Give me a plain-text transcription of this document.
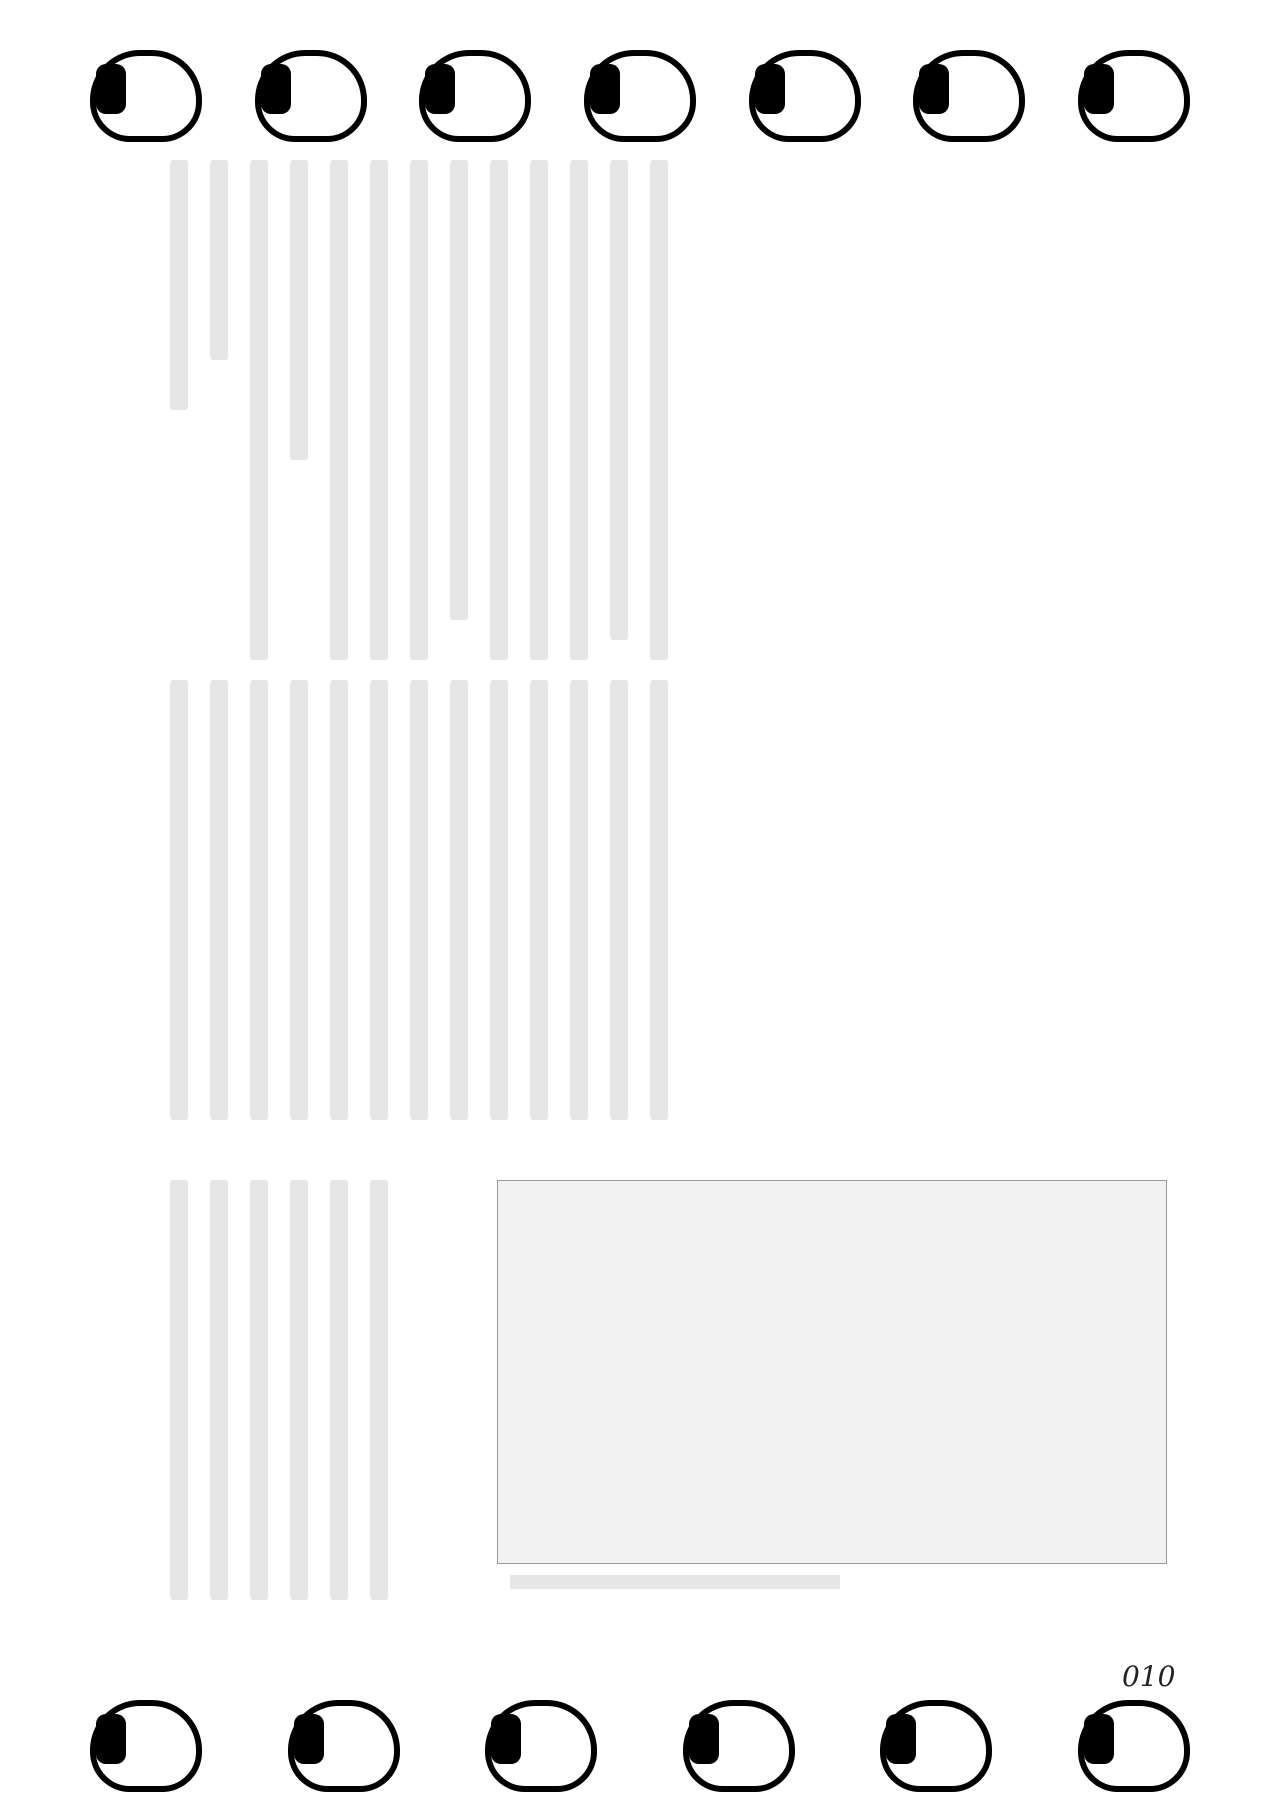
010
